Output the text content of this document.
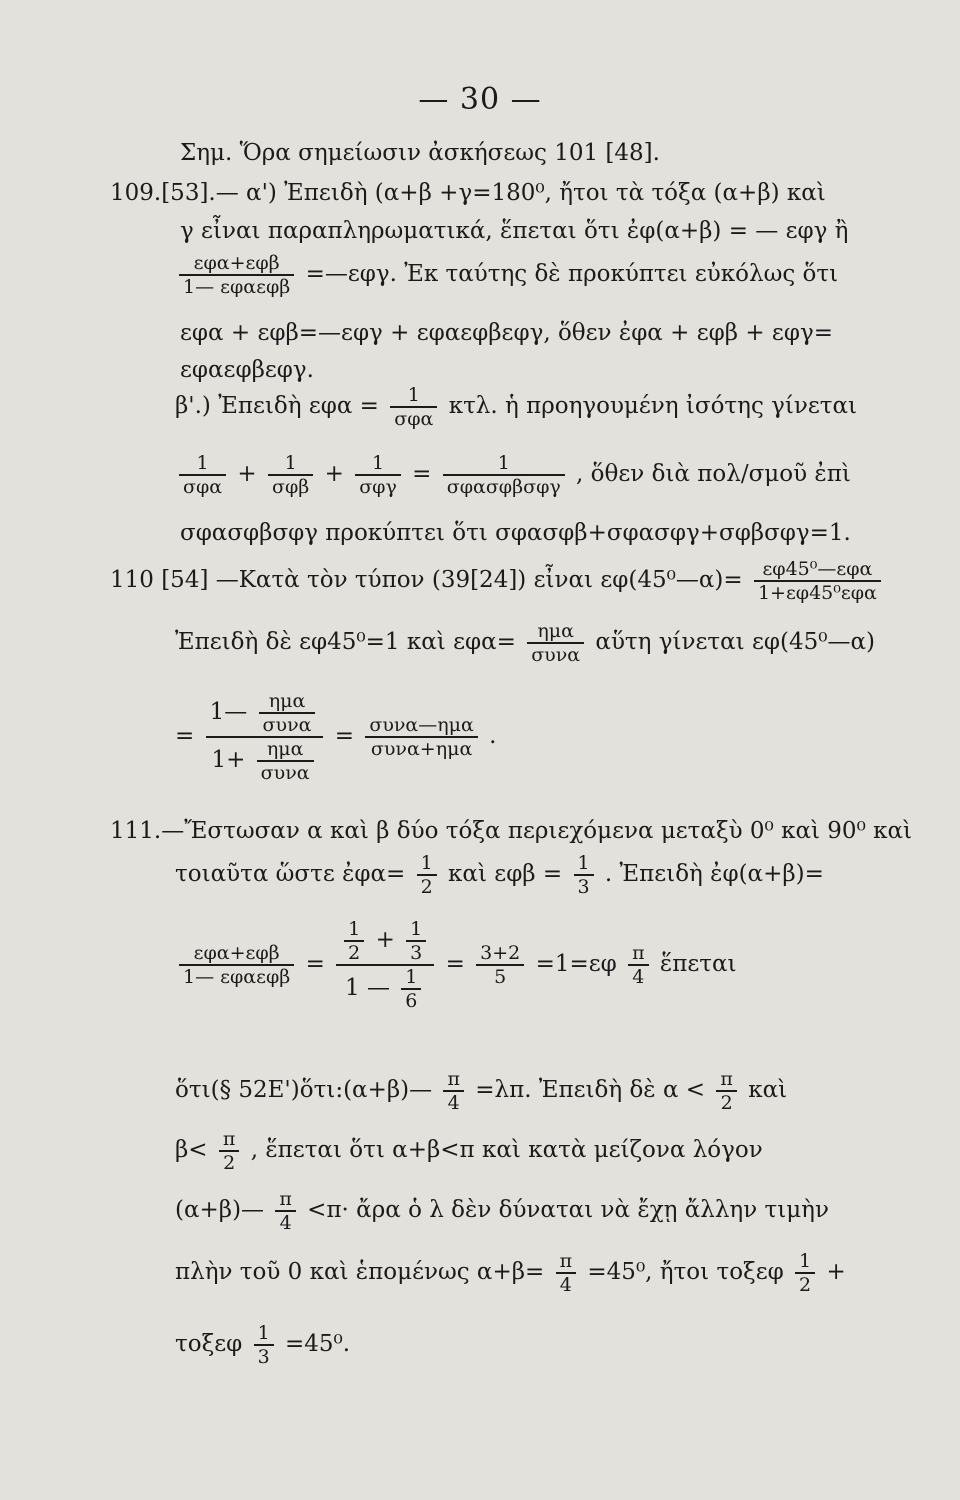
— 30 —
Σημ. Ὅρα σημείωσιν ἀσκήσεως 101 [48].
109.[53].— α') Ἐπειδὴ (α+β +γ=180⁰, ἤτοι τὰ τόξα (α+β) καὶ
γ εἶναι παραπληρωματικά, ἕπεται ὅτι ἐφ(α+β) = — εφγ ἢ
$\frac{\text{εφα+εφβ}}{\text{1— εφαεφβ}}$ =—εφγ. Ἐκ ταύτης δὲ προκύπτει εὐκόλως ὅτι
εφα + εφβ=—εφγ + εφαεφβεφγ, ὅθεν ἐφα + εφβ + εφγ=
εφαεφβεφγ.
β'.) Ἐπειδὴ $\varepsilon\varphi\alpha = \frac{1}{\text{σφα}} \kappa\tau\lambda$. ἡ προηγουμένη ἰσότης γίνεται
$\frac{1}{\text{σφα}} + \frac{1}{\text{σφβ}} + \frac{1}{\text{σφγ}} = \frac{1}{\text{σφασφβσφγ}}$ , ὅθεν διὰ πολ/σμοῦ ἐπὶ
σφασφβσφγ προκύπτει ὅτι σφασφβ+σφασφγ+σφβσφγ=1.
110 [54] —Κατὰ τὸν τύπον (39[24]) εἶναι εφ(45⁰—α)= $\frac{\text{εφ45⁰—εφα}}{\text{1+εφ45⁰εφα}}$
Ἐπειδὴ δὲ εφ45⁰=1 καὶ $\varepsilon\varphi\alpha= \frac{\text{ημα}}{\text{συνα}}$ αὕτη γίνεται εφ(45⁰—α)
= $\frac{1— \frac{\text{ημα}}{\text{συνα}}}{1+ \frac{\text{ημα}}{\text{συνα}}} = \frac{\text{συνα—ημα}}{\text{συνα+ημα}}$ .
111.—Ἔστωσαν α καὶ β δύο τόξα περιεχόμενα μεταξὺ 0⁰ καὶ 90⁰ καὶ
τοιαῦτα ὥστε ἐφα= $\frac{1}{2}$ καὶ $\varepsilon\varphi\beta = \frac{1}{3}$ . Ἐπειδὴ ἐφ(α+β)=
$\frac{\text{εφα+εφβ}}{\text{1— εφαεφβ}} = \frac{1}{2} + \frac{1}{3}$
1 — $\frac{1}{6}$
= $\frac{3+2}{5} =1=\varepsilon\varphi \frac{\pi}{4}$ ἕπεται
ὅτι(§ 52Ε')ὅτι:(α+β)— $\frac{\pi}{4} =\lambda\pi$. Ἐπειδὴ δὲ $\alpha < \frac{\pi}{2}$ καὶ
$\beta< \frac{\pi}{2}$ , ἕπεται ὅτι α+β<π καὶ κατὰ μείζονα λόγον
(α+β)— $\frac{\pi}{4} <\pi\cdot$ ἄρα ὁ λ δὲν δύναται νὰ ἔχῃ ἄλλην τιμὴν
πλὴν τοῦ 0 καὶ ἑπομένως $\alpha+\beta= \frac{\pi}{4} =45^0$, ἤτοι τοξεφ $\frac{1}{2}$ +
τοξεφ $\frac{1}{3} =45^0$.
